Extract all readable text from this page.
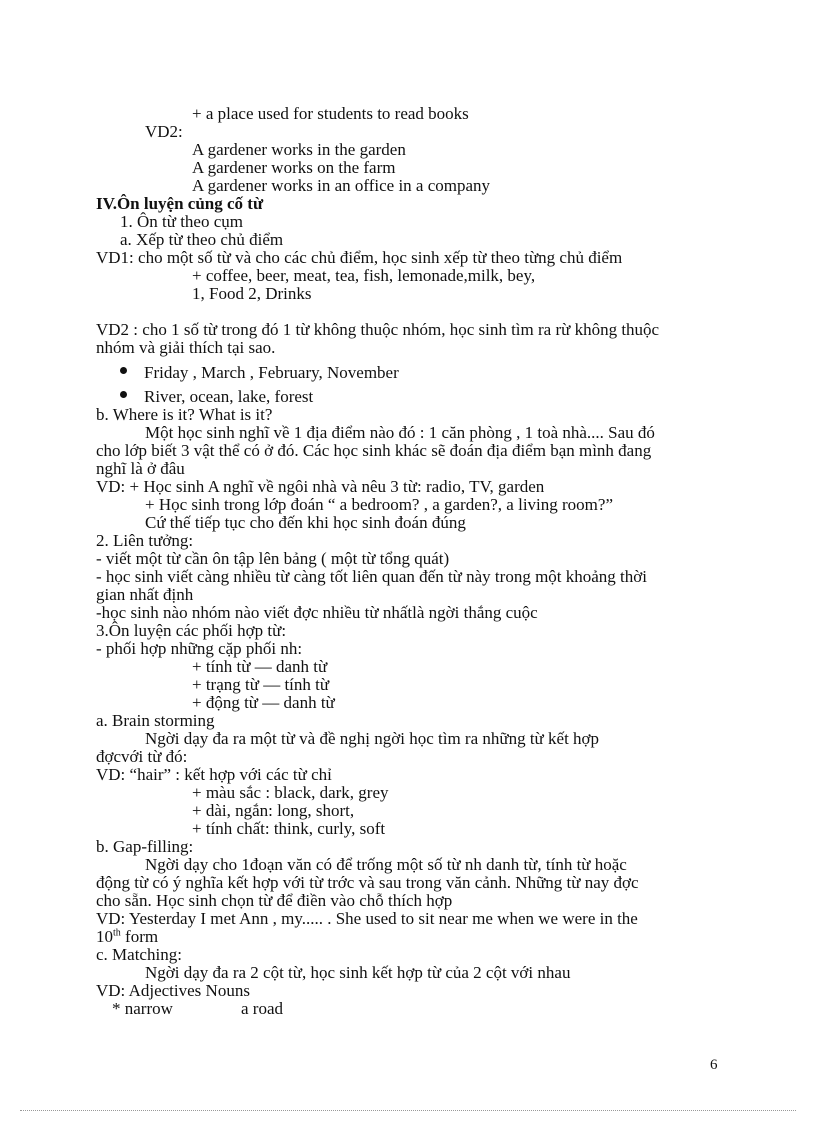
+ a place used for students to read books
VD2:
A gardener works in the garden
A gardener works on the farm
A gardener works in an office in a company
IV.Ôn luyện củng cố từ
1. Ôn từ theo cụm
a. Xếp từ theo chủ điểm
VD1: cho một số từ và cho các chủ điểm, học sinh xếp từ theo từng chủ điểm
+ coffee, beer, meat, tea, fish, lemonade,milk, bey,
1, Food 2, Drinks
VD2 : cho 1 số từ trong đó 1 từ không thuộc nhóm, học sinh tìm ra rừ không thuộc
nhóm và giải thích tại sao.
Friday , March , February, November
River, ocean, lake, forest
b. Where is it? What is it?
Một học sinh nghĩ về 1 địa điểm nào đó : 1 căn phòng , 1 toà nhà.... Sau đó
cho lớp biết 3 vật thể có ở đó. Các học sinh khác sẽ đoán địa điểm bạn mình đang
nghĩ là ở đâu
VD: + Học sinh A nghĩ về ngôi nhà và nêu 3 từ: radio, TV, garden
+ Học sinh trong lớp đoán “ a bedroom? , a garden?, a living room?”
Cứ thế tiếp tục cho đến khi học sinh đoán đúng
2. Liên tưởng:
- viết một từ cần ôn tập lên bảng ( một từ tổng quát)
- học sinh viết càng nhiều từ càng tốt liên quan đến từ này trong một khoảng thời
gian nhất định
-học sinh nào nhóm nào viết đợc nhiều từ nhấtlà ngời thắng cuộc
3.Ôn luyện các phối hợp từ:
- phối hợp những cặp phối nh:
+ tính từ — danh từ
+ trạng từ — tính từ
+ động từ — danh từ
a. Brain storming
Ngời dạy đa ra một từ và đề nghị ngời học tìm ra những từ kết hợp
đợcvới từ đó:
VD: “hair” : kết hợp với các từ chỉ
+ màu sắc : black, dark, grey
+ dài, ngắn: long, short,
+ tính chất: think, curly, soft
b. Gap-filling:
Ngời dạy cho 1đoạn văn có để trống một số từ nh danh từ, tính từ hoặc
động từ có ý nghĩa kết hợp với từ trớc và sau trong văn cảnh. Những từ nay đợc
cho sẵn. Học sinh chọn từ để điền vào chỗ thích hợp
VD: Yesterday I met Ann , my..... . She used to sit near me when we were in the
10th form
c. Matching:
Ngời dạy đa ra 2 cột từ, học sinh kết hợp từ của 2 cột với nhau
VD: Adjectives Nouns
* narrow	a road
6
